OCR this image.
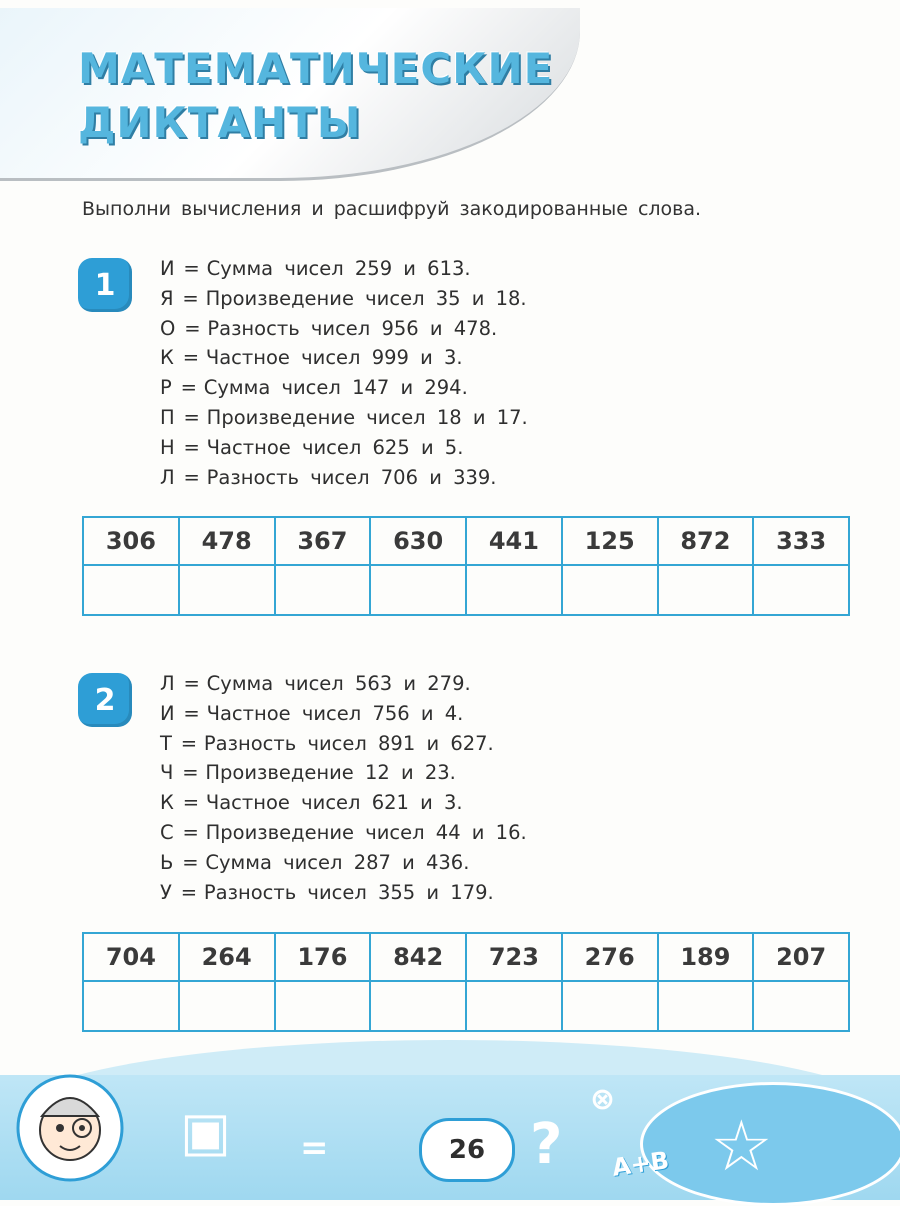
МАТЕМАТИЧЕСКИЕ
ДИКТАНТЫ
Выполни вычисления и расшифруй закодированные слова.
1	И = Сумма чисел 259 и 613.
Я = Произведение чисел 35 и 18.
О = Разность чисел 956 и 478.
К = Частное чисел 999 и 3.
Р = Сумма чисел 147 и 294.
П = Произведение чисел 18 и 17.
Н = Частное чисел 625 и 5.
Л = Разность чисел 706 и 339.
306	478	367	630	441	125	872	333

2	Л = Сумма чисел 563 и 279.
И = Частное чисел 756 и 4.
Т = Разность чисел 891 и 627.
Ч = Произведение 12 и 23.
К = Частное чисел 621 и 3.
С = Произведение чисел 44 и 16.
Ь = Сумма чисел 287 и 436.
У = Разность чисел 355 и 179.
704	264	176	842	723	276	189	207

☆
=	?
⊗
▣
A+B
26
